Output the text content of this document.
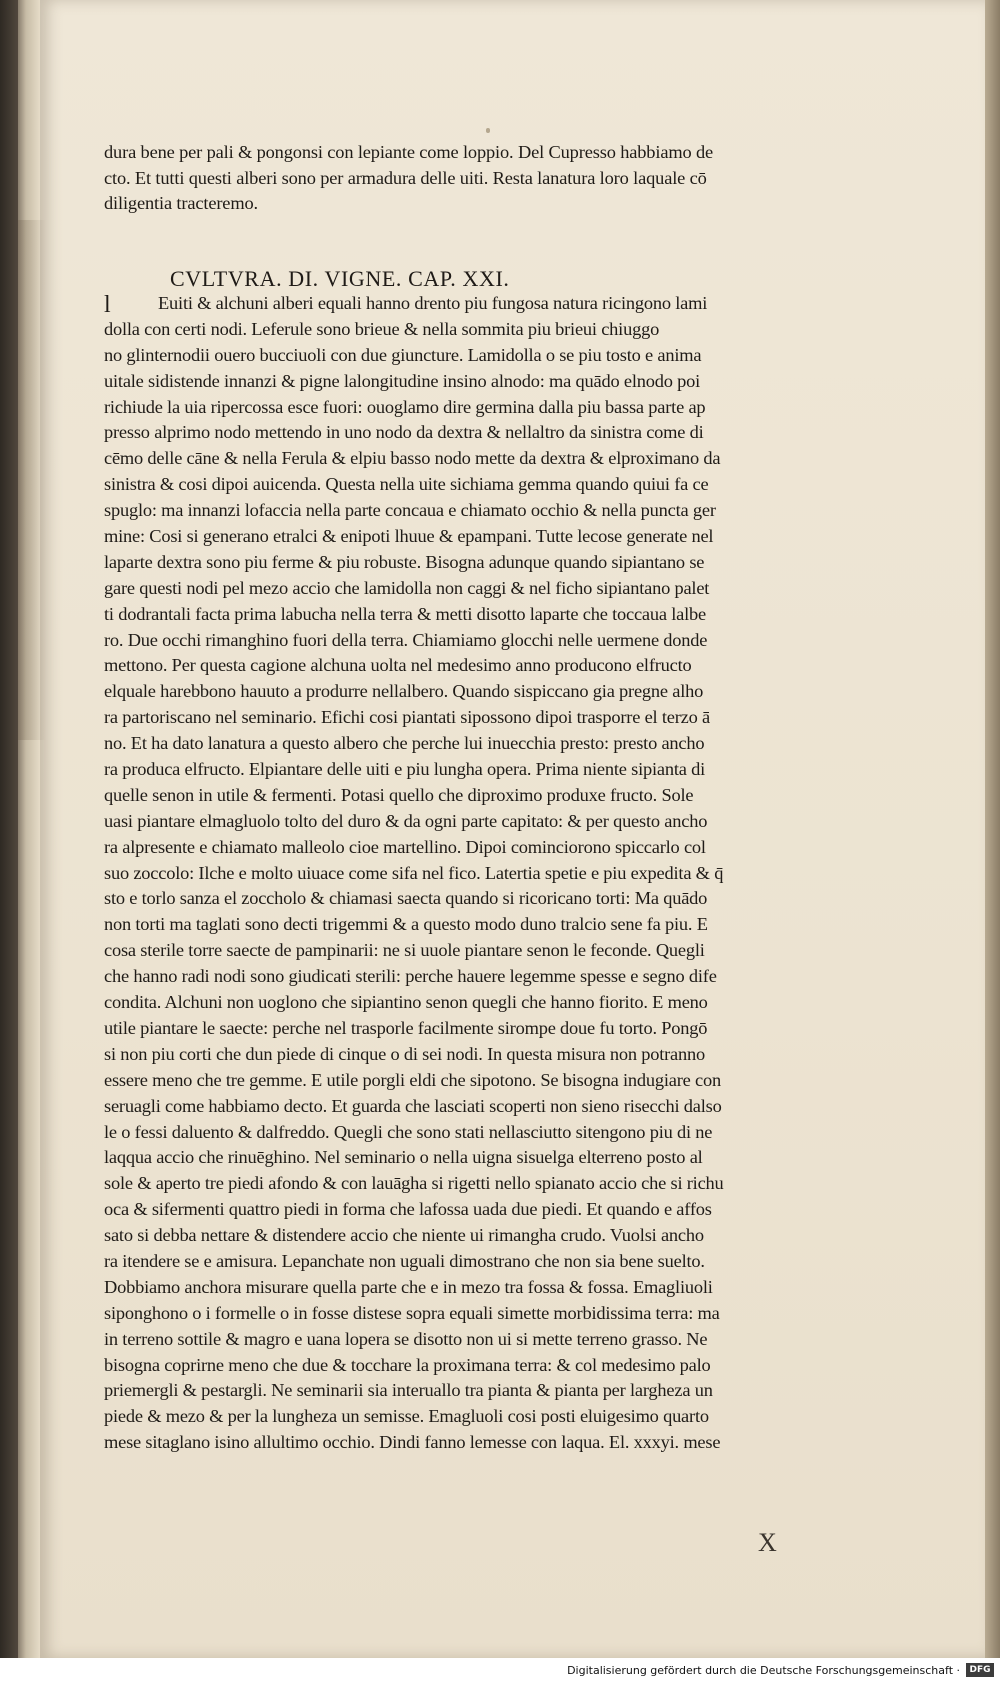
dura bene per pali & pongonsi con lepiante come loppio. Del Cupresso habbiamo de
cto. Et tutti questi alberi sono per armadura delle uiti. Resta lanatura loro laquale cō
diligentia tracteremo.
CVLTVRA. DI. VIGNE. CAP. XXI.
l	Euiti & alchuni alberi equali hanno drento piu fungosa natura ricingono lami
dolla con certi nodi. Leferule sono brieue & nella sommita piu brieui chiuggo
no glinternodii ouero bucciuoli con due giuncture. Lamidolla o se piu tosto e anima
uitale sidistende innanzi & pigne lalongitudine insino alnodo: ma quādo elnodo poi
richiude la uia ripercossa esce fuori: ouoglamo dire germina dalla piu bassa parte ap
presso alprimo nodo mettendo in uno nodo da dextra & nellaltro da sinistra come di
cēmo delle cāne & nella Ferula & elpiu basso nodo mette da dextra & elproximano da
sinistra & cosi dipoi auicenda. Questa nella uite sichiama gemma quando quiui fa ce
spuglo: ma innanzi lofaccia nella parte concaua e chiamato occhio & nella puncta ger
mine: Cosi si generano etralci & enipoti lhuue & epampani. Tutte lecose generate nel
laparte dextra sono piu ferme & piu robuste. Bisogna adunque quando sipiantano se
gare questi nodi pel mezo accio che lamidolla non caggi & nel ficho sipiantano palet
ti dodrantali facta prima labucha nella terra & metti disotto laparte che toccaua lalbe
ro. Due occhi rimanghino fuori della terra. Chiamiamo glocchi nelle uermene donde
mettono. Per questa cagione alchuna uolta nel medesimo anno producono elfructo
elquale harebbono hauuto a produrre nellalbero. Quando sispiccano gia pregne alho
ra partoriscano nel seminario. Efichi cosi piantati sipossono dipoi trasporre el terzo ā
no. Et ha dato lanatura a questo albero che perche lui inuecchia presto: presto ancho
ra produca elfructo. Elpiantare delle uiti e piu lungha opera. Prima niente sipianta di
quelle senon in utile & fermenti. Potasi quello che diproximo produxe fructo. Sole
uasi piantare elmagluolo tolto del duro & da ogni parte capitato: & per questo ancho
ra alpresente e chiamato malleolo cioe martellino. Dipoi cominciorono spiccarlo col
suo zoccolo: Ilche e molto uiuace come sifa nel fico. Latertia spetie e piu expedita & q̄
sto e torlo sanza el zoccholo & chiamasi saecta quando si ricoricano torti: Ma quādo
non torti ma taglati sono decti trigemmi & a questo modo duno tralcio sene fa piu. E
cosa sterile torre saecte de pampinarii: ne si uuole piantare senon le feconde. Quegli
che hanno radi nodi sono giudicati sterili: perche hauere legemme spesse e segno dife
condita. Alchuni non uoglono che sipiantino senon quegli che hanno fiorito. E meno
utile piantare le saecte: perche nel trasporle facilmente sirompe doue fu torto. Pongō
si non piu corti che dun piede di cinque o di sei nodi. In questa misura non potranno
essere meno che tre gemme. E utile porgli eldi che sipotono. Se bisogna indugiare con
seruagli come habbiamo decto. Et guarda che lasciati scoperti non sieno risecchi dalso
le o fessi daluento & dalfreddo. Quegli che sono stati nellasciutto sitengono piu di ne
laqqua accio che rinuēghino. Nel seminario o nella uigna sisuelga elterreno posto al
sole & aperto tre piedi afondo & con lauāgha si rigetti nello spianato accio che si richu
oca & sifermenti quattro piedi in forma che lafossa uada due piedi. Et quando e affos
sato si debba nettare & distendere accio che niente ui rimangha crudo. Vuolsi ancho
ra itendere se e amisura. Lepanchate non uguali dimostrano che non sia bene suelto.
Dobbiamo anchora misurare quella parte che e in mezo tra fossa & fossa. Emagliuoli
siponghono o i formelle o in fosse distese sopra equali simette morbidissima terra: ma
in terreno sottile & magro e uana lopera se disotto non ui si mette terreno grasso. Ne
bisogna coprirne meno che due & tocchare la proximana terra: & col medesimo palo
priemergli & pestargli. Ne seminarii sia interuallo tra pianta & pianta per largheza un
piede & mezo & per la lungheza un semisse. Emagluoli cosi posti eluigesimo quarto
mese sitaglano isino allultimo occhio. Dindi fanno lemesse con laqua. El. xxxyi. mese
X
Digitalisierung gefördert durch die Deutsche Forschungsgemeinschaft ·	DFG
